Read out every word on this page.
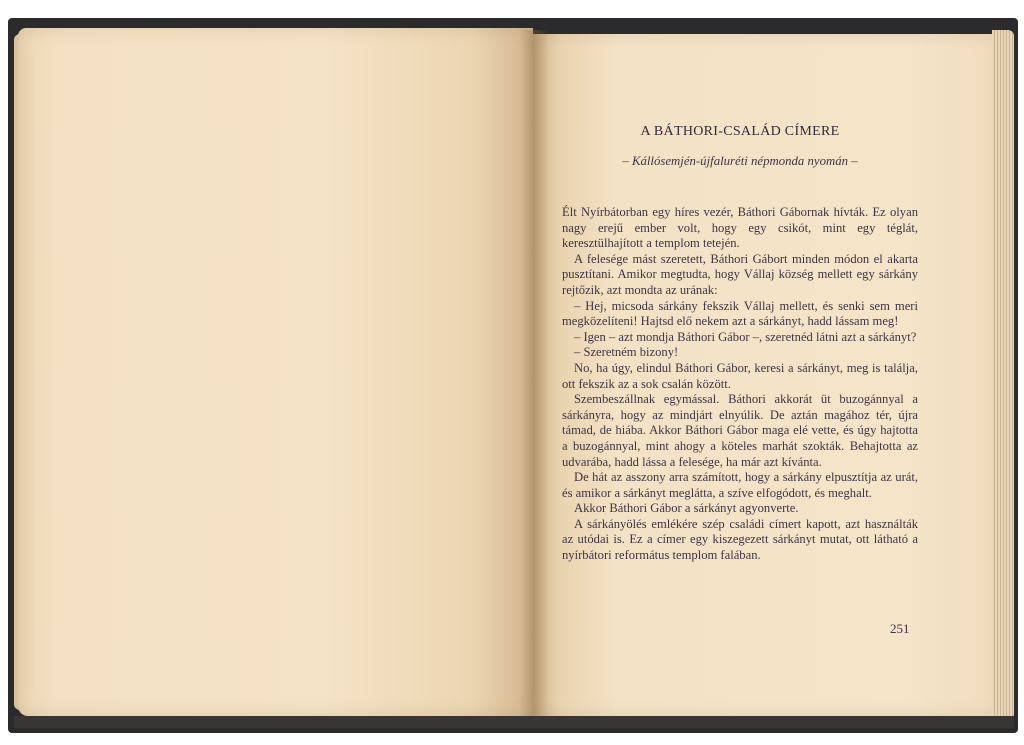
A BÁTHORI-CSALÁD CÍMERE
– Kállósemjén-újfaluréti népmonda nyomán –

Élt Nyírbátorban egy híres vezér, Báthori Gábornak hívták. Ez olyan nagy erejű ember volt, hogy egy csikót, mint egy téglát, keresztülhajított a templom tetején.

A felesége mást szeretett, Báthori Gábort minden módon el akarta pusztítani. Amikor megtudta, hogy Vállaj község mellett egy sárkány rejtőzik, azt mondta az urának:

– Hej, micsoda sárkány fekszik Vállaj mellett, és senki sem meri megközelíteni! Hajtsd elő nekem azt a sárkányt, hadd lássam meg!

– Igen – azt mondja Báthori Gábor –, szeretnéd látni azt a sárkányt?

– Szeretném bizony!

No, ha úgy, elindul Báthori Gábor, keresi a sárkányt, meg is találja, ott fekszik az a sok csalán között.

Szembeszállnak egymással. Báthori akkorát üt buzogánnyal a sárkányra, hogy az mindjárt elnyúlik. De aztán magához tér, újra támad, de hiába. Akkor Báthori Gábor maga elé vette, és úgy hajtotta a buzogánnyal, mint ahogy a köteles marhát szokták. Behajtotta az udvarába, hadd lássa a felesége, ha már azt kívánta.

De hát az asszony arra számított, hogy a sárkány elpusztítja az urát, és amikor a sárkányt meglátta, a szíve elfogódott, és meghalt.

Akkor Báthori Gábor a sárkányt agyonverte.

A sárkányölés emlékére szép családi címert kapott, azt használták az utódai is. Ez a címer egy kiszegezett sárkányt mutat, ott látható a nyírbátori református templom falában.

251
